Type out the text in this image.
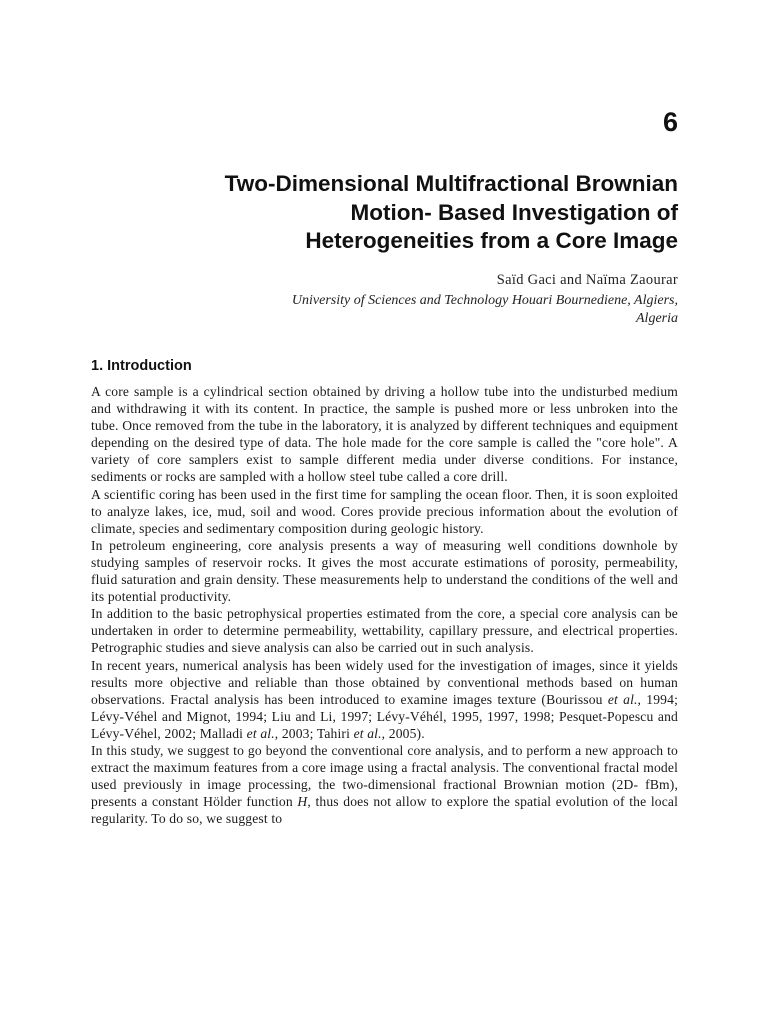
6
Two-Dimensional Multifractional Brownian
Motion- Based Investigation of
Heterogeneities from a Core Image
Saïd Gaci and Naïma Zaourar
University of Sciences and Technology Houari Bournediene, Algiers,
Algeria
1. Introduction

A core sample is a cylindrical section obtained by driving a hollow tube into the undisturbed medium and withdrawing it with its content. In practice, the sample is pushed more or less unbroken into the tube. Once removed from the tube in the laboratory, it is analyzed by different techniques and equipment depending on the desired type of data. The hole made for the core sample is called the "core hole". A variety of core samplers exist to sample different media under diverse conditions. For instance, sediments or rocks are sampled with a hollow steel tube called a core drill.

A scientific coring has been used in the first time for sampling the ocean floor. Then, it is soon exploited to analyze lakes, ice, mud, soil and wood. Cores provide precious information about the evolution of climate, species and sedimentary composition during geologic history.

In petroleum engineering, core analysis presents a way of measuring well conditions downhole by studying samples of reservoir rocks. It gives the most accurate estimations of porosity, permeability, fluid saturation and grain density. These measurements help to understand the conditions of the well and its potential productivity.

In addition to the basic petrophysical properties estimated from the core, a special core analysis can be undertaken in order to determine permeability, wettability, capillary pressure, and electrical properties. Petrographic studies and sieve analysis can also be carried out in such analysis.

In recent years, numerical analysis has been widely used for the investigation of images, since it yields results more objective and reliable than those obtained by conventional methods based on human observations. Fractal analysis has been introduced to examine images texture (Bourissou et al., 1994; Lévy-Véhel and Mignot, 1994; Liu and Li, 1997; Lévy-Véhél, 1995, 1997, 1998; Pesquet-Popescu and Lévy-Véhel, 2002; Malladi et al., 2003; Tahiri et al., 2005).

In this study, we suggest to go beyond the conventional core analysis, and to perform a new approach to extract the maximum features from a core image using a fractal analysis. The conventional fractal model used previously in image processing, the two-dimensional fractional Brownian motion (2D- fBm), presents a constant Hölder function H, thus does not allow to explore the spatial evolution of the local regularity. To do so, we suggest to
